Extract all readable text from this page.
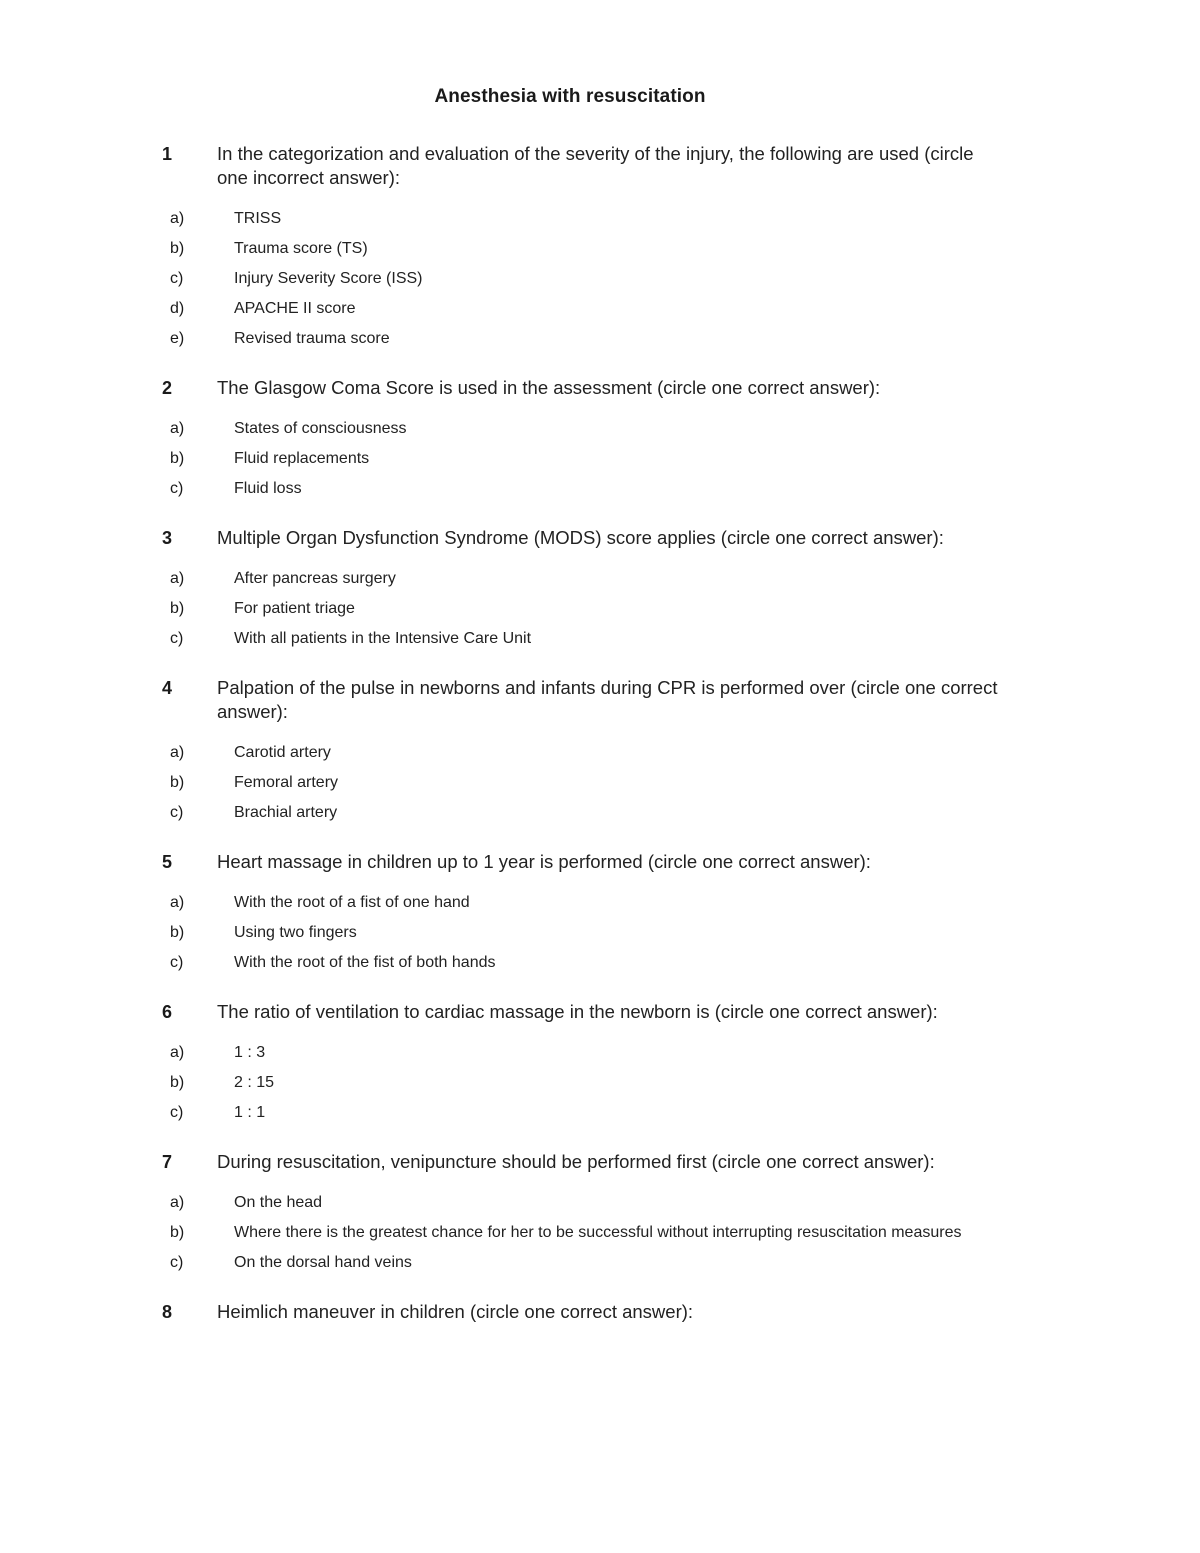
Anesthesia with resuscitation
1	In the categorization and evaluation of the severity of the injury, the following are used (circle one incorrect answer):
a)	TRISS
b)	Trauma score (TS)
c)	Injury Severity Score (ISS)
d)	APACHE II score
e)	Revised trauma score
2	The Glasgow Coma Score is used in the assessment (circle one correct answer):
a)	States of consciousness
b)	Fluid replacements
c)	Fluid loss
3	Multiple Organ Dysfunction Syndrome (MODS) score applies (circle one correct answer):
a)	After pancreas surgery
b)	For patient triage
c)	With all patients in the Intensive Care Unit
4	Palpation of the pulse in newborns and infants during CPR is performed over (circle one correct answer):
a)	Carotid artery
b)	Femoral artery
c)	Brachial artery
5	Heart massage in children up to 1 year is performed (circle one correct answer):
a)	With the root of a fist of one hand
b)	Using two fingers
c)	With the root of the fist of both hands
6	The ratio of ventilation to cardiac massage in the newborn is (circle one correct answer):
a)	1 : 3
b)	2 : 15
c)	1 : 1
7	During resuscitation, venipuncture should be performed first (circle one correct answer):
a)	On the head
b)	Where there is the greatest chance for her to be successful without interrupting resuscitation measures
c)	On the dorsal hand veins
8	Heimlich maneuver in children (circle one correct answer):
